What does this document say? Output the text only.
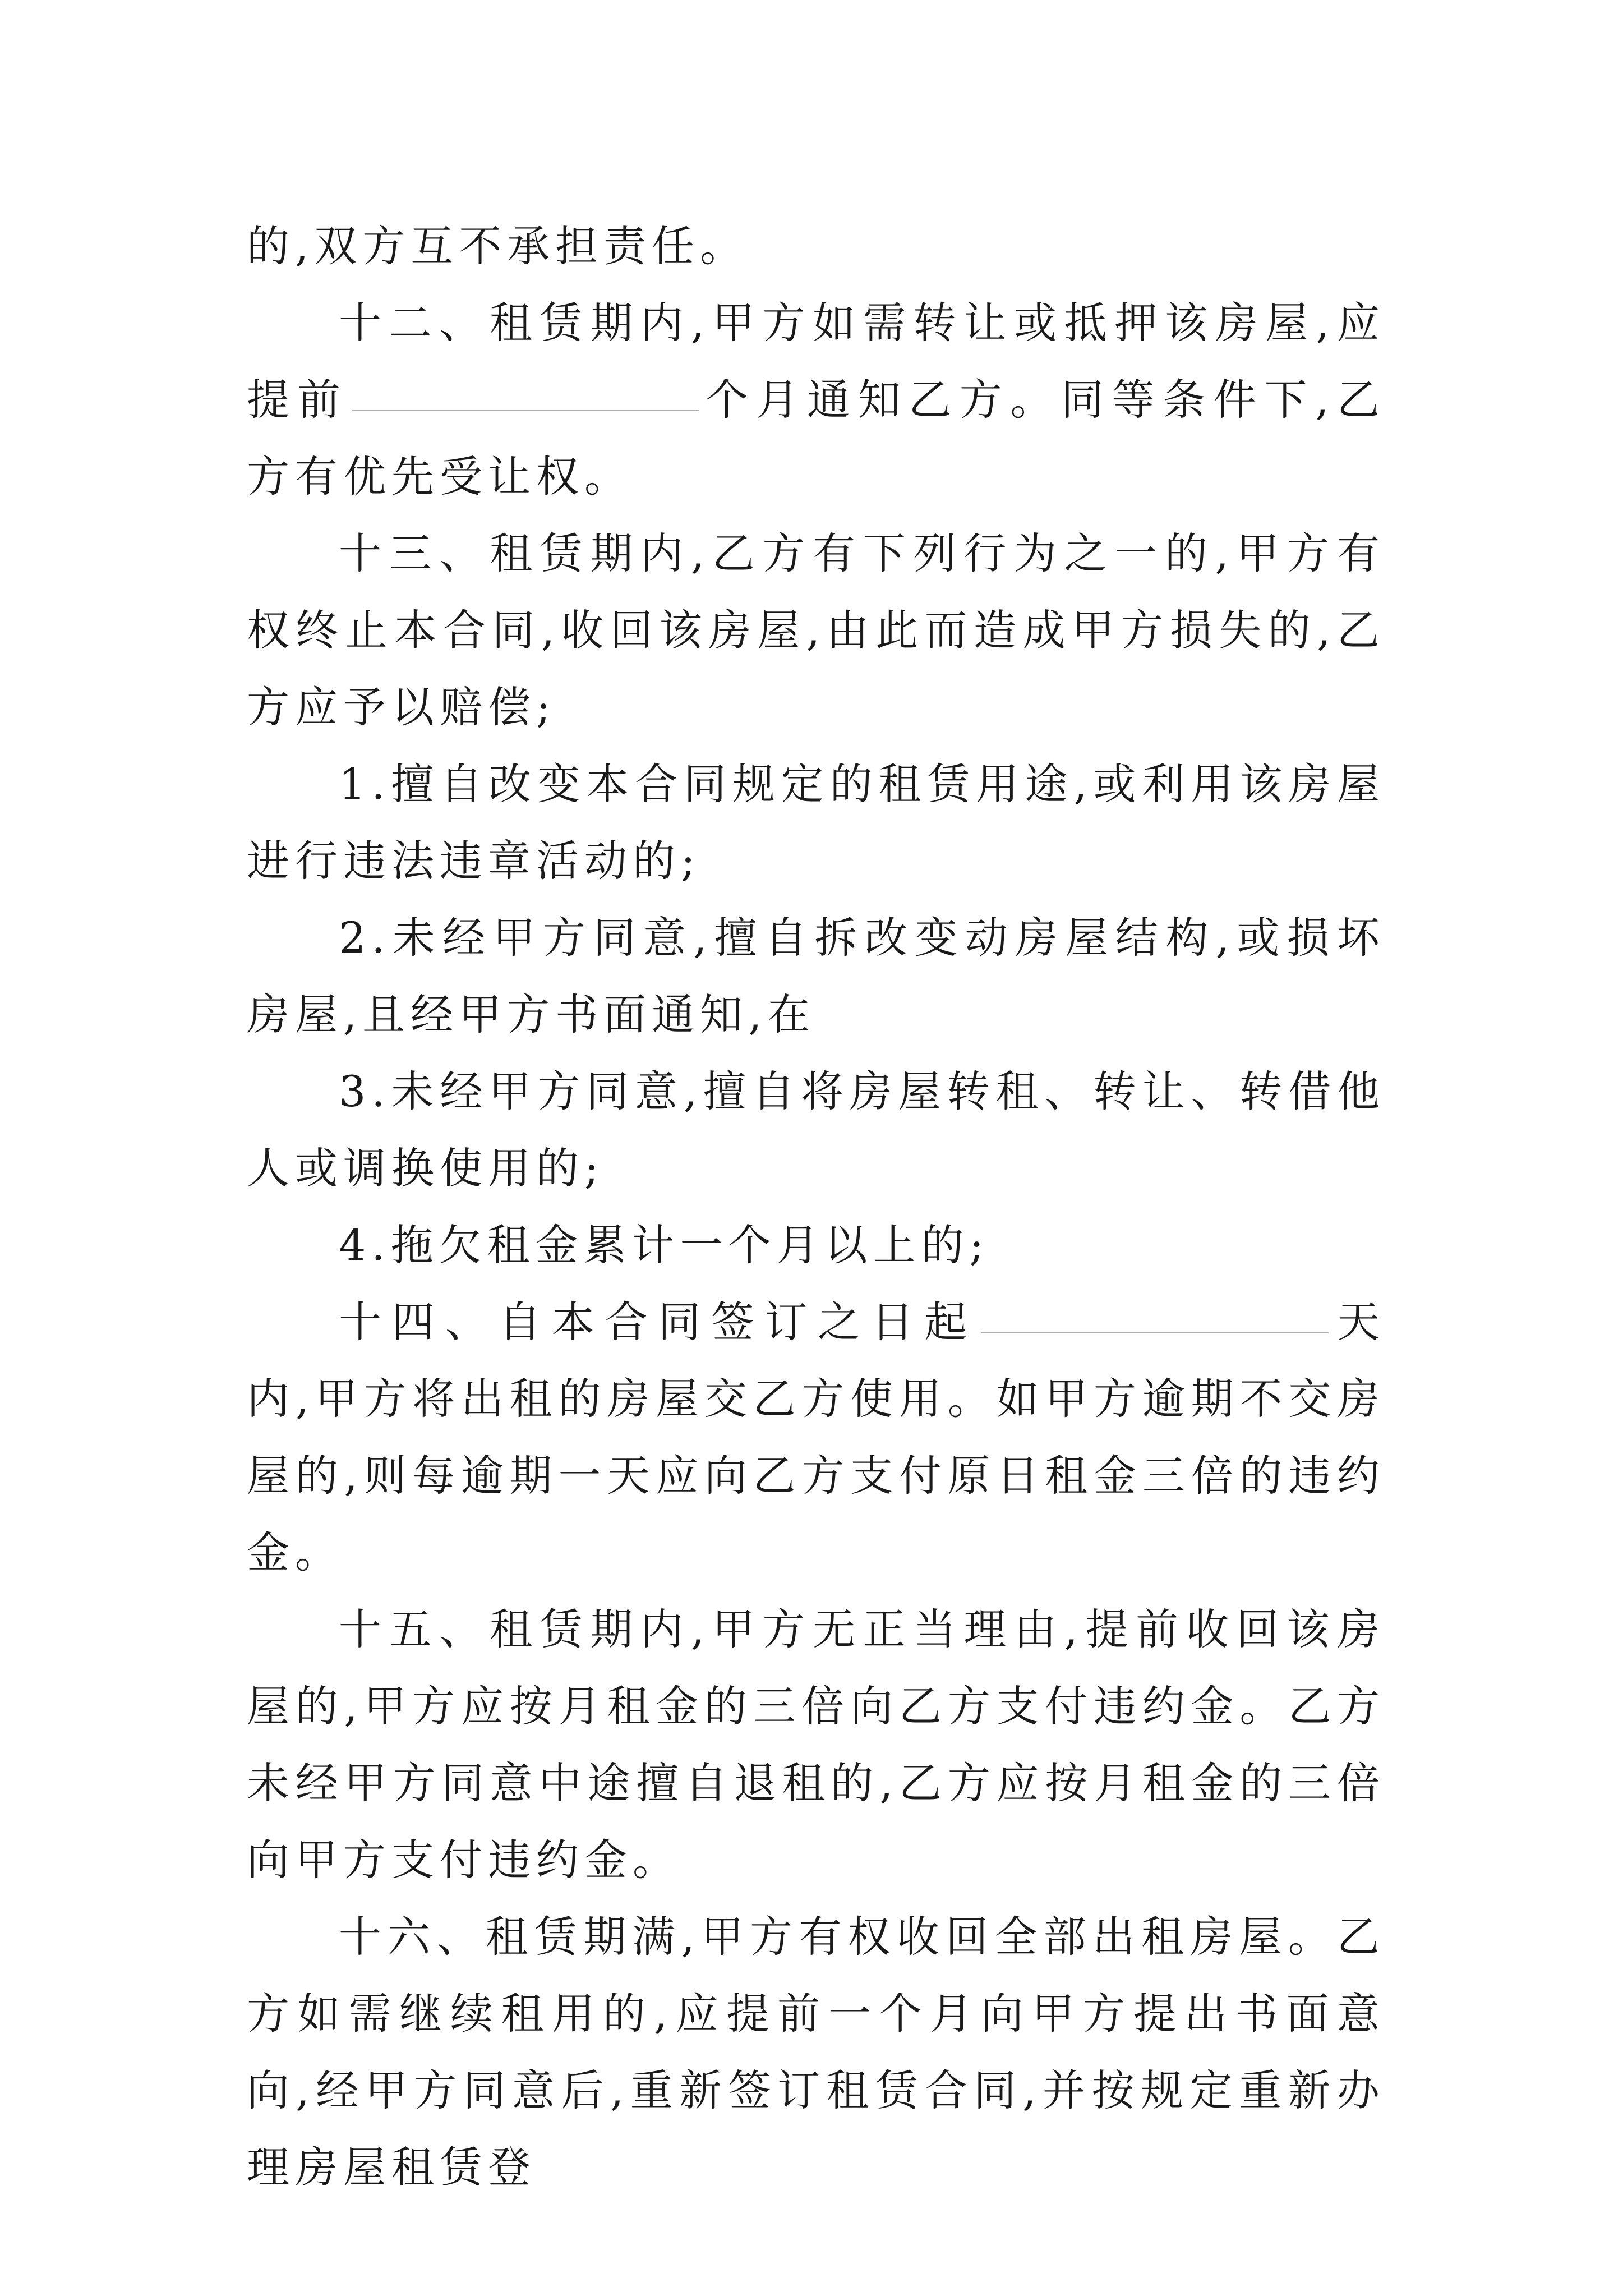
的,双方互不承担责任。

十二、租赁期内,甲方如需转让或抵押该房屋,应提前	个月通知乙方。同等条件下,乙方有优先受让权。

十三、租赁期内,乙方有下列行为之一的,甲方有权终止本合同,收回该房屋,由此而造成甲方损失的,乙方应予以赔偿;

1.擅自改变本合同规定的租赁用途,或利用该房屋进行违法违章活动的;

2.未经甲方同意,擅自拆改变动房屋结构,或损坏房屋,且经甲方书面通知,在

3.未经甲方同意,擅自将房屋转租、转让、转借他人或调换使用的;

4.拖欠租金累计一个月以上的;

十四、自本合同签订之日起	天内,甲方将出租的房屋交乙方使用。如甲方逾期不交房屋的,则每逾期一天应向乙方支付原日租金三倍的违约金。

十五、租赁期内,甲方无正当理由,提前收回该房屋的,甲方应按月租金的三倍向乙方支付违约金。乙方未经甲方同意中途擅自退租的,乙方应按月租金的三倍向甲方支付违约金。

十六、租赁期满,甲方有权收回全部出租房屋。乙方如需继续租用的,应提前一个月向甲方提出书面意向,经甲方同意后,重新签订租赁合同,并按规定重新办理房屋租赁登
